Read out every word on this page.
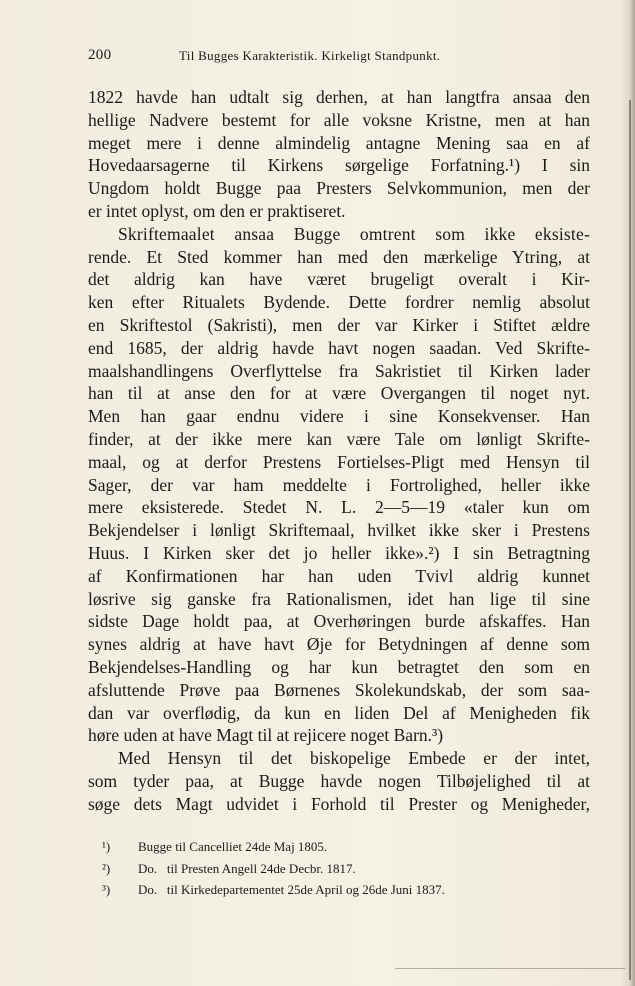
200	Til Bugges Karakteristik. Kirkeligt Standpunkt.
1822 havde han udtalt sig derhen, at han langtfra ansaa den
hellige Nadvere bestemt for alle voksne Kristne, men at han
meget mere i denne almindelig antagne Mening saa en af
Hovedaarsagerne til Kirkens sørgelige Forfatning.¹) I sin
Ungdom holdt Bugge paa Presters Selvkommunion, men der
er intet oplyst, om den er praktiseret.
Skriftemaalet ansaa Bugge omtrent som ikke eksiste-
rende. Et Sted kommer han med den mærkelige Ytring, at
det aldrig kan have været brugeligt overalt i Kir-
ken efter Ritualets Bydende. Dette fordrer nemlig absolut
en Skriftestol (Sakristi), men der var Kirker i Stiftet ældre
end 1685, der aldrig havde havt nogen saadan. Ved Skrifte-
maalshandlingens Overflyttelse fra Sakristiet til Kirken lader
han til at anse den for at være Overgangen til noget nyt.
Men han gaar endnu videre i sine Konsekvenser. Han
finder, at der ikke mere kan være Tale om lønligt Skrifte-
maal, og at derfor Prestens Fortielses-Pligt med Hensyn til
Sager, der var ham meddelte i Fortrolighed, heller ikke
mere eksisterede. Stedet N. L. 2—5—19 «taler kun om
Bekjendelser i lønligt Skriftemaal, hvilket ikke sker i Prestens
Huus. I Kirken sker det jo heller ikke».²) I sin Betragtning
af Konfirmationen har han uden Tvivl aldrig kunnet
løsrive sig ganske fra Rationalismen, idet han lige til sine
sidste Dage holdt paa, at Overhøringen burde afskaffes. Han
synes aldrig at have havt Øje for Betydningen af denne som
Bekjendelses-Handling og har kun betragtet den som en
afsluttende Prøve paa Børnenes Skolekundskab, der som saa-
dan var overflødig, da kun en liden Del af Menigheden fik
høre uden at have Magt til at rejicere noget Barn.³)
Med Hensyn til det biskopelige Embede er der intet,
som tyder paa, at Bugge havde nogen Tilbøjelighed til at
søge dets Magt udvidet i Forhold til Prester og Menigheder,
¹) Bugge til Cancelliet 24de Maj 1805.
²) Do.   til Presten Angell 24de Decbr. 1817.
³) Do.   til Kirkedepartementet 25de April og 26de Juni 1837.
